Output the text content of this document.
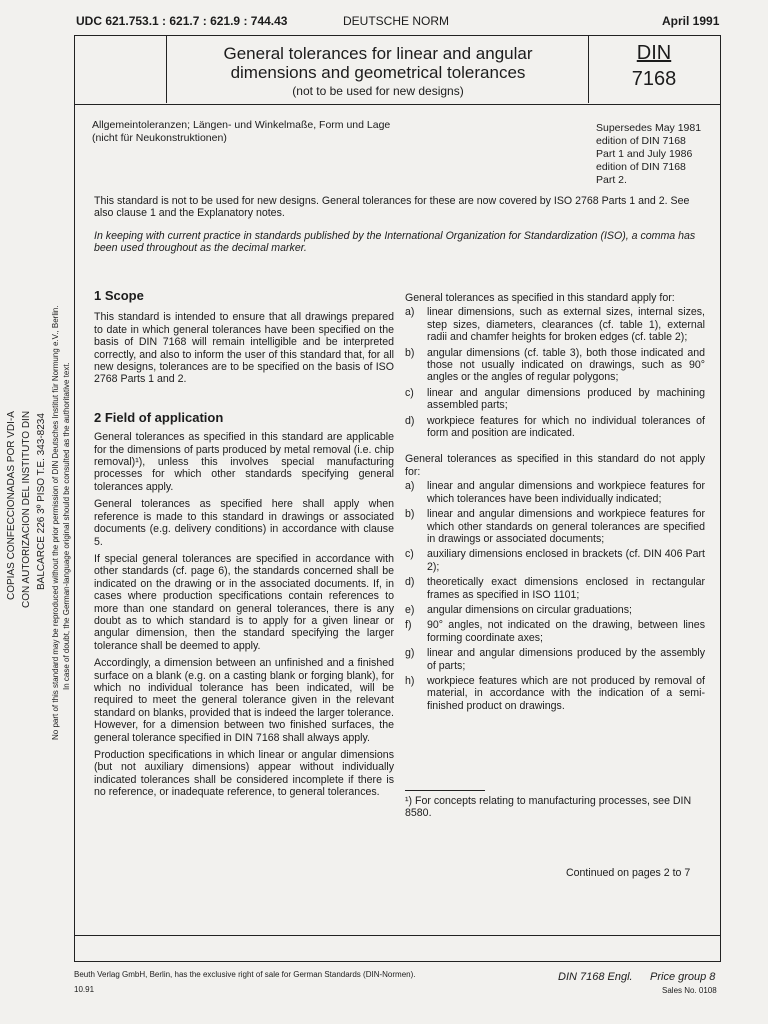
UDC 621.753.1 : 621.7 : 621.9 : 744.43	DEUTSCHE NORM	April 1991
General tolerances for linear and angular
dimensions and geometrical tolerances
(not to be used for new designs)
DIN
7168
Allgemeintoleranzen; Längen- und Winkelmaße, Form und Lage
(nicht für Neukonstruktionen)
Supersedes May 1981
edition of DIN 7168
Part 1 and July 1986
edition of DIN 7168
Part 2.
This standard is not to be used for new designs. General tolerances for these are now covered by ISO 2768 Parts 1 and 2. See also clause 1 and the Explanatory notes.
In keeping with current practice in standards published by the International Organization for Standardization (ISO), a comma has been used throughout as the decimal marker.
1 Scope

This standard is intended to ensure that all drawings prepared to date in which general tolerances have been specified on the basis of DIN 7168 will remain intelligible and be interpreted correctly, and also to inform the user of this standard that, for all new designs, tolerances are to be specified on the basis of ISO 2768 Parts 1 and 2.

2 Field of application

General tolerances as specified in this standard are applicable for the dimensions of parts produced by metal removal (i.e. chip removal)¹), unless this involves special manufacturing processes for which other standards specifying general tolerances apply.

General tolerances as specified here shall apply when reference is made to this standard in drawings or associated documents (e.g. delivery conditions) in accordance with clause 5.

If special general tolerances are specified in accordance with other standards (cf. page 6), the standards concerned shall be indicated on the drawing or in the associated documents. If, in cases where production specifications contain references to more than one standard on general tolerances, there is any doubt as to which standard is to apply for a given linear or angular dimension, then the standard specifying the larger tolerance shall be deemed to apply.

Accordingly, a dimension between an unfinished and a finished surface on a blank (e.g. on a casting blank or forging blank), for which no individual tolerance has been indicated, will be required to meet the general tolerance given in the relevant standard on blanks, provided that is indeed the larger tolerance. However, for a dimension between two finished surfaces, the general tolerance specified in DIN 7168 shall always apply.

Production specifications in which linear or angular dimensions (but not auxiliary dimensions) appear without individually indicated tolerances shall be considered incomplete if there is no reference, or inadequate reference, to general tolerances.

General tolerances as specified in this standard apply for:

a) linear dimensions, such as external sizes, internal sizes, step sizes, diameters, clearances (cf. table 1), external radii and chamfer heights for broken edges (cf. table 2);
b) angular dimensions (cf. table 3), both those indicated and those not usually indicated on drawings, such as 90° angles or the angles of regular polygons;
c) linear and angular dimensions produced by machining assembled parts;
d) workpiece features for which no individual tolerances of form and position are indicated.

General tolerances as specified in this standard do not apply for:

a) linear and angular dimensions and workpiece features for which tolerances have been individually indicated;
b) linear and angular dimensions and workpiece features for which other standards on general tolerances are specified in drawings or associated documents;
c) auxiliary dimensions enclosed in brackets (cf. DIN 406 Part 2);
d) theoretically exact dimensions enclosed in rectangular frames as specified in ISO 1101;
e) angular dimensions on circular graduations;
f) 90° angles, not indicated on the drawing, between lines forming coordinate axes;
g) linear and angular dimensions produced by the assembly of parts;
h) workpiece features which are not produced by removal of material, in accordance with the indication of a semi-finished product on drawings.
¹) For concepts relating to manufacturing processes, see DIN 8580.
Continued on pages 2 to 7
COPIAS CONFECCIONADAS POR VDI-A CON AUTORIZACION DEL INSTITUTO DIN BALCARCE 226 3º PISO T.E. 343-8234 No part of this standard may be reproduced without the prior permission of DIN Deutsches Institut für Normung e.V., Berlin. In case of doubt, the German-language original should be consulted as the authoritative text.
Beuth Verlag GmbH, Berlin, has the exclusive right of sale for German Standards (DIN-Normen).
10.91
DIN 7168 Engl. Price group 8
Sales No. 0108
